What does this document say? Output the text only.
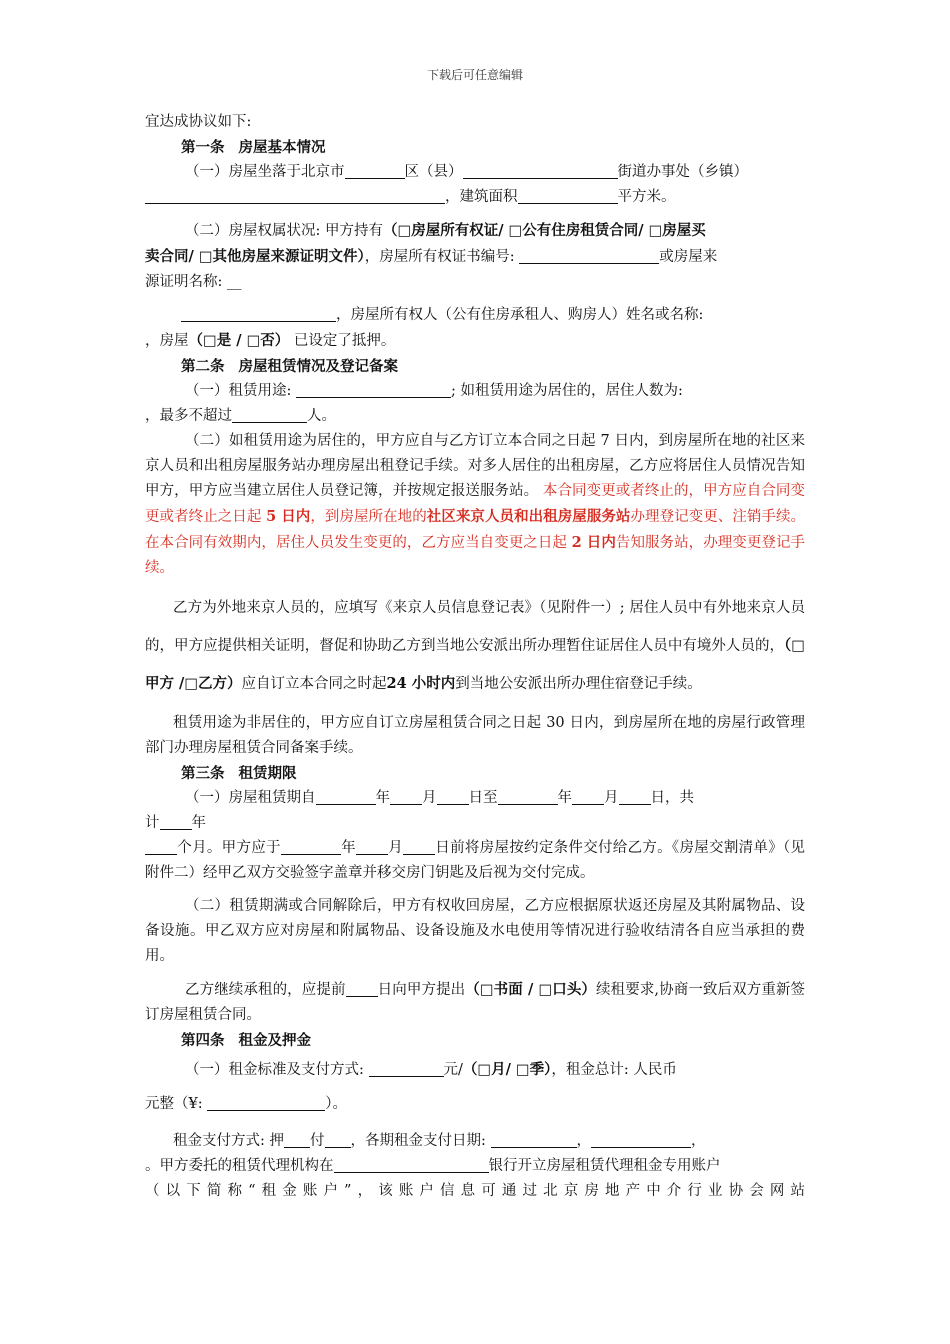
下载后可任意编辑

宜达成协议如下:

第一条 房屋基本情况

（一）房屋坐落于北京市	区（县）	街道办事处（乡镇）

，建筑面积	平方米。

（二）房屋权属状况: 甲方持有（□房屋所有权证/ □公有住房租赁合同/ □房屋买

卖合同/ □其他房屋来源证明文件），房屋所有权证书编号:	或房屋来

源证明名称: __

，房屋所有权人（公有住房承租人、购房人）姓名或名称:

，房屋（□是 / □否） 已设定了抵押。

第二条 房屋租赁情况及登记备案

（一）租赁用途:	; 如租赁用途为居住的，居住人数为:

，最多不超过	人。

（二）如租赁用途为居住的，甲方应自与乙方订立本合同之日起 7 日内，到房屋所在地的社区来京人员和出租房屋服务站办理房屋出租登记手续。对多人居住的出租房屋，乙方应将居住人员情况告知甲方，甲方应当建立居住人员登记簿，并按规定报送服务站。 本合同变更或者终止的，甲方应自合同变更或者终止之日起 5 日内，到房屋所在地的社区来京人员和出租房屋服务站办理登记变更、注销手续。在本合同有效期内，居住人员发生变更的，乙方应当自变更之日起 2 日内告知服务站，办理变更登记手续。

乙方为外地来京人员的，应填写《来京人员信息登记表》（见附件一）; 居住人员中有外地来京人员的，甲方应提供相关证明，督促和协助乙方到当地公安派出所办理暂住证居住人员中有境外人员的，（□甲方 /□乙方）应自订立本合同之时起24 小时内到当地公安派出所办理住宿登记手续。

租赁用途为非居住的，甲方应自订立房屋租赁合同之日起 30 日内，到房屋所在地的房屋行政管理部门办理房屋租赁合同备案手续。

第三条 租赁期限

（一）房屋租赁期自	年 月 日至	年 月 日，共

计 年

个月。甲方应于	年 月 日前将房屋按约定条件交付给乙方。《房屋交割清单》（见附件二）经甲乙双方交验签字盖章并移交房门钥匙及后视为交付完成。

（二）租赁期满或合同解除后，甲方有权收回房屋，乙方应根据原状返还房屋及其附属物品、设备设施。甲乙双方应对房屋和附属物品、设备设施及水电使用等情况进行验收结清各自应当承担的费用。

乙方继续承租的，应提前 日向甲方提出（□书面 / □口头）续租要求,协商一致后双方重新签订房屋租赁合同。

第四条 租金及押金

（一）租金标准及支付方式:	元/（□月/ □季），租金总计: 人民币

元整（¥:	）。

租金支付方式: 押 付 ，各期租金支付日期:	，	，

。甲方委托的租赁代理机构在	银行开立房屋租赁代理租金专用账户

（以下简称“租金账户”，该账户信息可通过北京房地产中介行业协会网站
